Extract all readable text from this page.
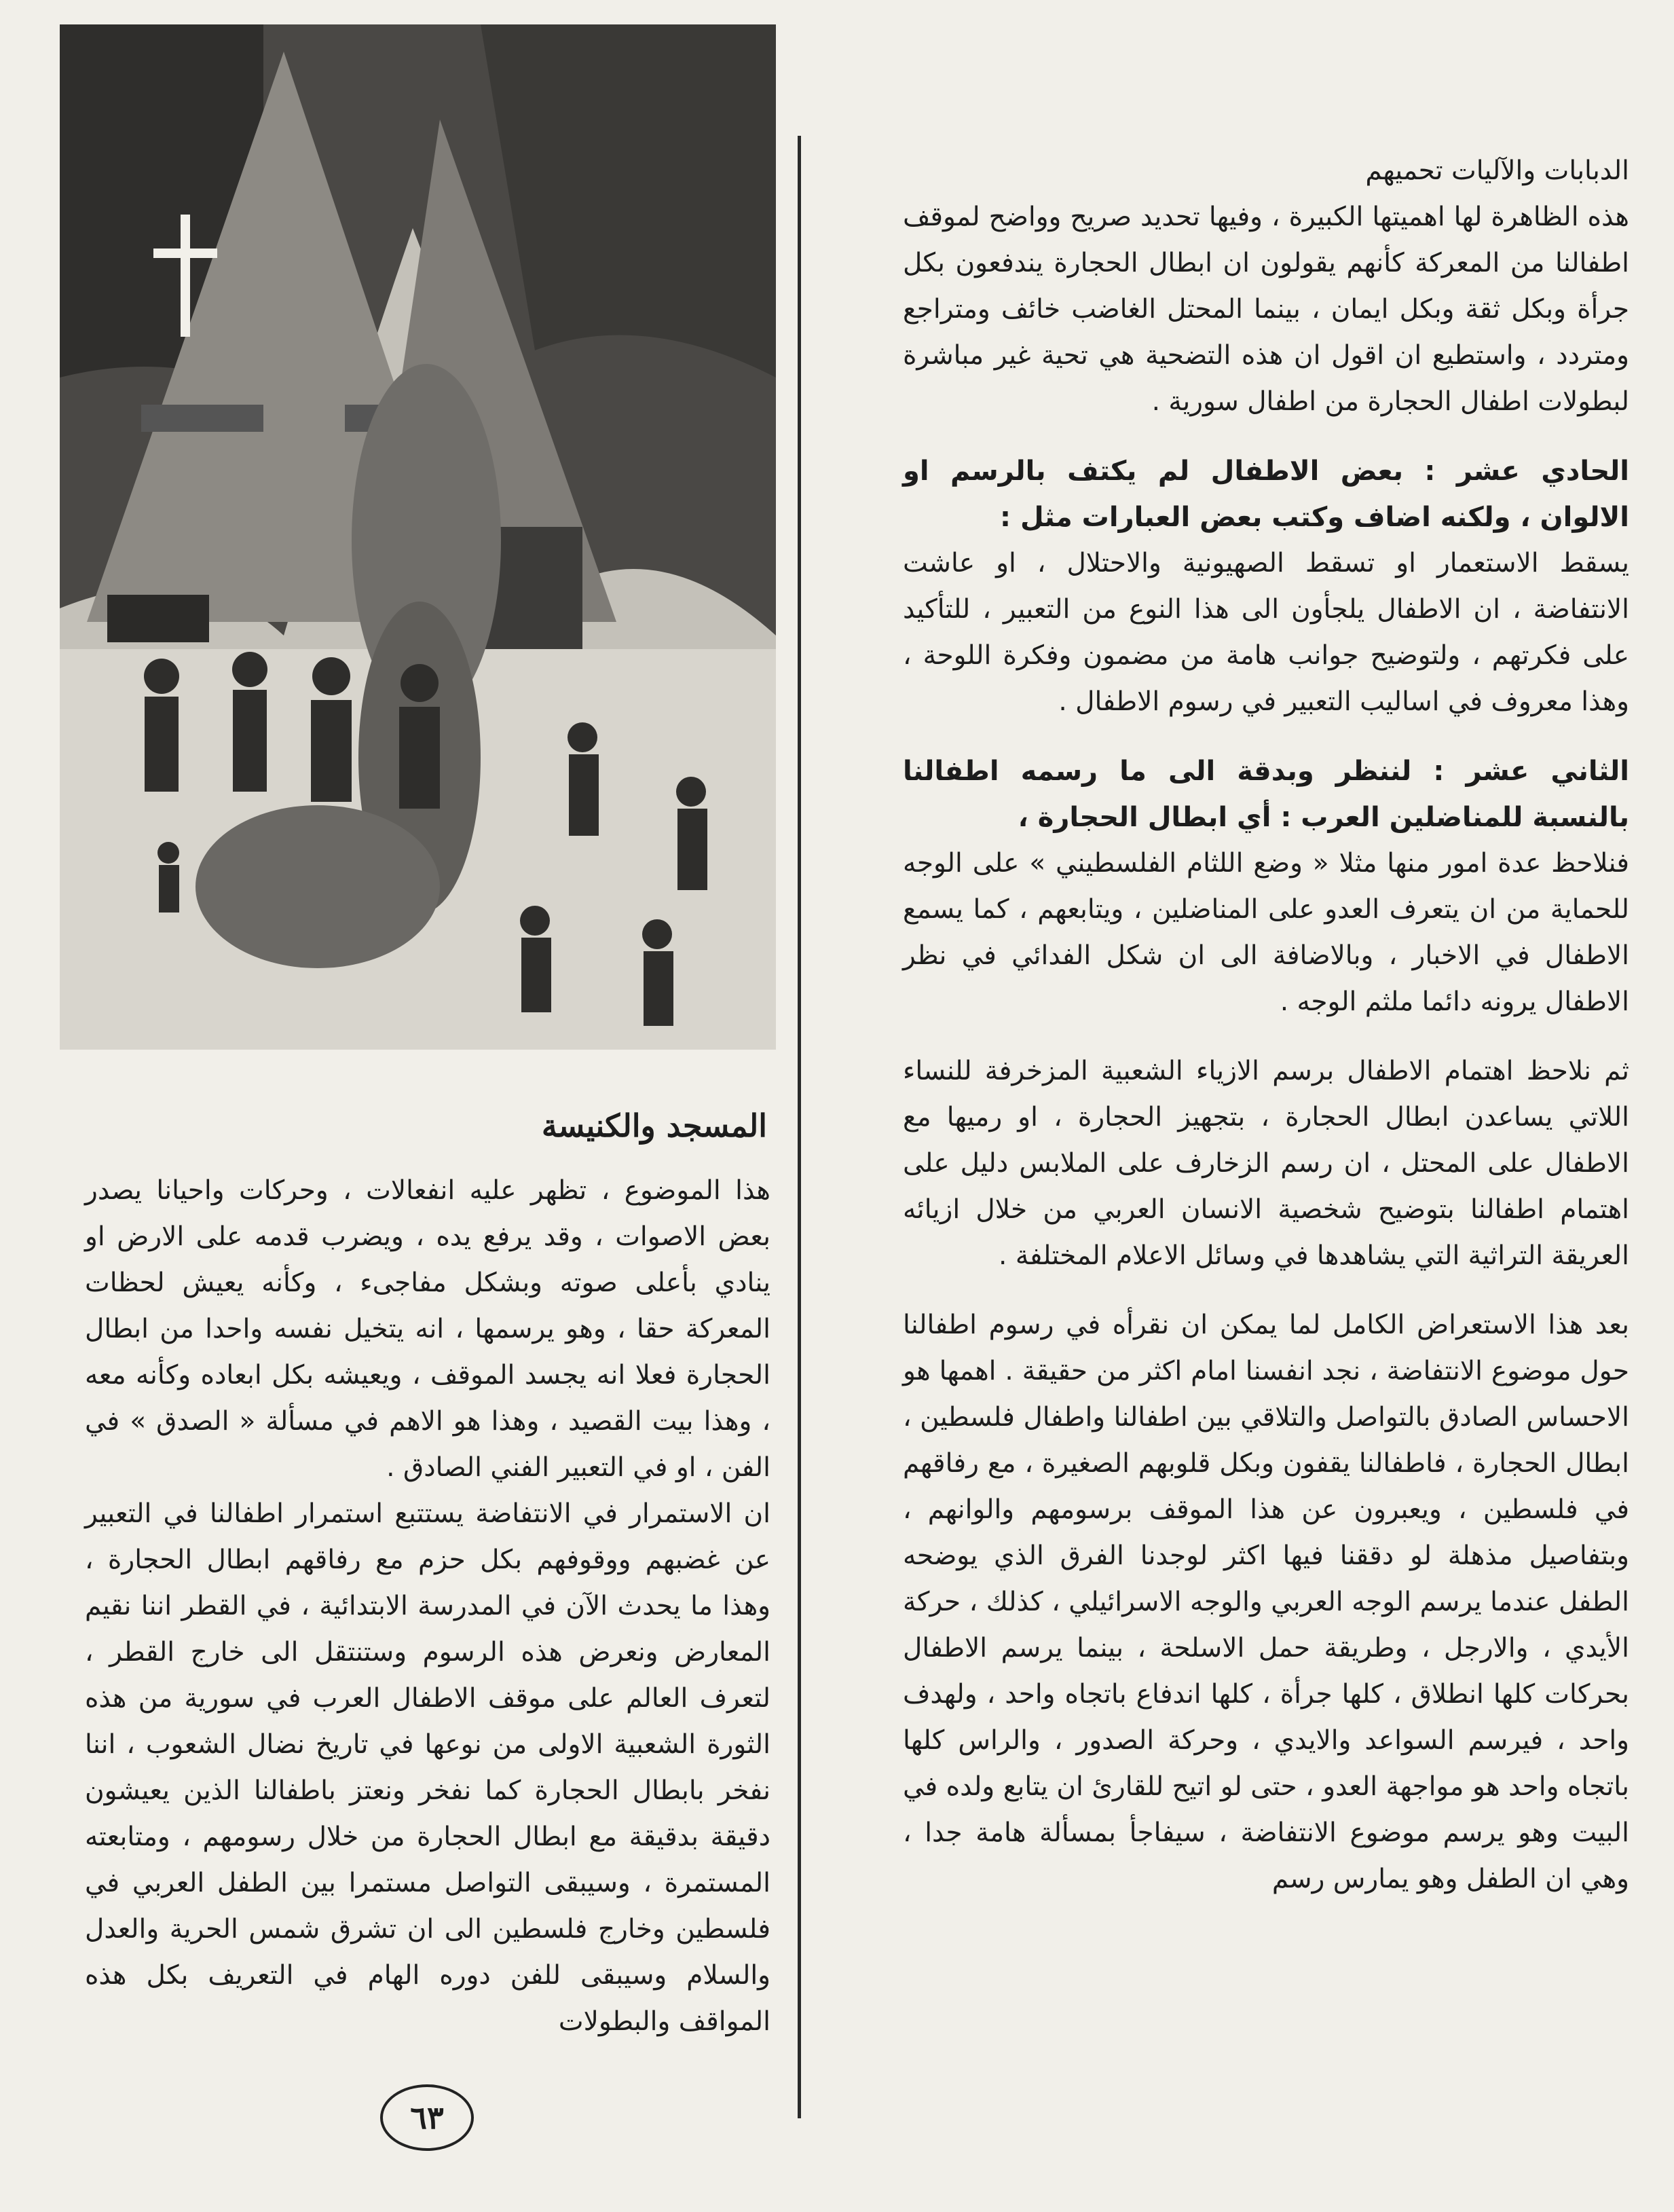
المسجد والكنيسة

الدبابات والآليات تحميهم

هذه الظاهرة لها اهميتها الكبيرة ، وفيها تحديد صريح وواضح لموقف اطفالنا من المعركة كأنهم يقولون ان ابطال الحجارة يندفعون بكل جرأة وبكل ثقة وبكل ايمان ، بينما المحتل الغاضب خائف ومتراجع ومتردد ، واستطيع ان اقول ان هذه التضحية هي تحية غير مباشرة لبطولات اطفال الحجارة من اطفال سورية .

الحادي عشر : بعض الاطفال لم يكتف بالرسم او الالوان ، ولكنه اضاف وكتب بعض العبارات مثل :

يسقط الاستعمار او تسقط الصهيونية والاحتلال ، او عاشت الانتفاضة ، ان الاطفال يلجأون الى هذا النوع من التعبير ، للتأكيد على فكرتهم ، ولتوضيح جوانب هامة من مضمون وفكرة اللوحة ، وهذا معروف في اساليب التعبير في رسوم الاطفال .

الثاني عشر : لننظر وبدقة الى ما رسمه اطفالنا بالنسبة للمناضلين العرب : أي ابطال الحجارة ،

فنلاحظ عدة امور منها مثلا « وضع اللثام الفلسطيني » على الوجه للحماية من ان يتعرف العدو على المناضلين ، ويتابعهم ، كما يسمع الاطفال في الاخبار ، وبالاضافة الى ان شكل الفدائي في نظر الاطفال يرونه دائما ملثم الوجه .

ثم نلاحظ اهتمام الاطفال برسم الازياء الشعبية المزخرفة للنساء اللاتي يساعدن ابطال الحجارة ، بتجهيز الحجارة ، او رميها مع الاطفال على المحتل ، ان رسم الزخارف على الملابس دليل على اهتمام اطفالنا بتوضيح شخصية الانسان العربي من خلال ازيائه العريقة التراثية التي يشاهدها في وسائل الاعلام المختلفة .

بعد هذا الاستعراض الكامل لما يمكن ان نقرأه في رسوم اطفالنا حول موضوع الانتفاضة ، نجد انفسنا امام اكثر من حقيقة . اهمها هو الاحساس الصادق بالتواصل والتلاقي بين اطفالنا واطفال فلسطين ، ابطال الحجارة ، فاطفالنا يقفون وبكل قلوبهم الصغيرة ، مع رفاقهم في فلسطين ، ويعبرون عن هذا الموقف برسومهم والوانهم ، وبتفاصيل مذهلة لو دققنا فيها اكثر لوجدنا الفرق الذي يوضحه الطفل عندما يرسم الوجه العربي والوجه الاسرائيلي ، كذلك ، حركة الأيدي ، والارجل ، وطريقة حمل الاسلحة ، بينما يرسم الاطفال بحركات كلها انطلاق ، كلها جرأة ، كلها اندفاع باتجاه واحد ، ولهدف واحد ، فيرسم السواعد والايدي ، وحركة الصدور ، والراس كلها باتجاه واحد هو مواجهة العدو ، حتى لو اتيح للقارئ ان يتابع ولده في البيت وهو يرسم موضوع الانتفاضة ، سيفاجأ بمسألة هامة جدا ، وهي ان الطفل وهو يمارس رسم

هذا الموضوع ، تظهر عليه انفعالات ، وحركات واحيانا يصدر بعض الاصوات ، وقد يرفع يده ، ويضرب قدمه على الارض او ينادي بأعلى صوته وبشكل مفاجىء ، وكأنه يعيش لحظات المعركة حقا ، وهو يرسمها ، انه يتخيل نفسه واحدا من ابطال الحجارة فعلا انه يجسد الموقف ، ويعيشه بكل ابعاده وكأنه معه ، وهذا بيت القصيد ، وهذا هو الاهم في مسألة « الصدق » في الفن ، او في التعبير الفني الصادق .

ان الاستمرار في الانتفاضة يستتبع استمرار اطفالنا في التعبير عن غضبهم ووقوفهم بكل حزم مع رفاقهم ابطال الحجارة ، وهذا ما يحدث الآن في المدرسة الابتدائية ، في القطر اننا نقيم المعارض ونعرض هذه الرسوم وستنتقل الى خارج القطر ، لتعرف العالم على موقف الاطفال العرب في سورية من هذه الثورة الشعبية الاولى من نوعها في تاريخ نضال الشعوب ، اننا نفخر بابطال الحجارة كما نفخر ونعتز باطفالنا الذين يعيشون دقيقة بدقيقة مع ابطال الحجارة من خلال رسومهم ، ومتابعته المستمرة ، وسيبقى التواصل مستمرا بين الطفل العربي في فلسطين وخارج فلسطين الى ان تشرق شمس الحرية والعدل والسلام وسيبقى للفن دوره الهام في التعريف بكل هذه المواقف والبطولات

٦٣
